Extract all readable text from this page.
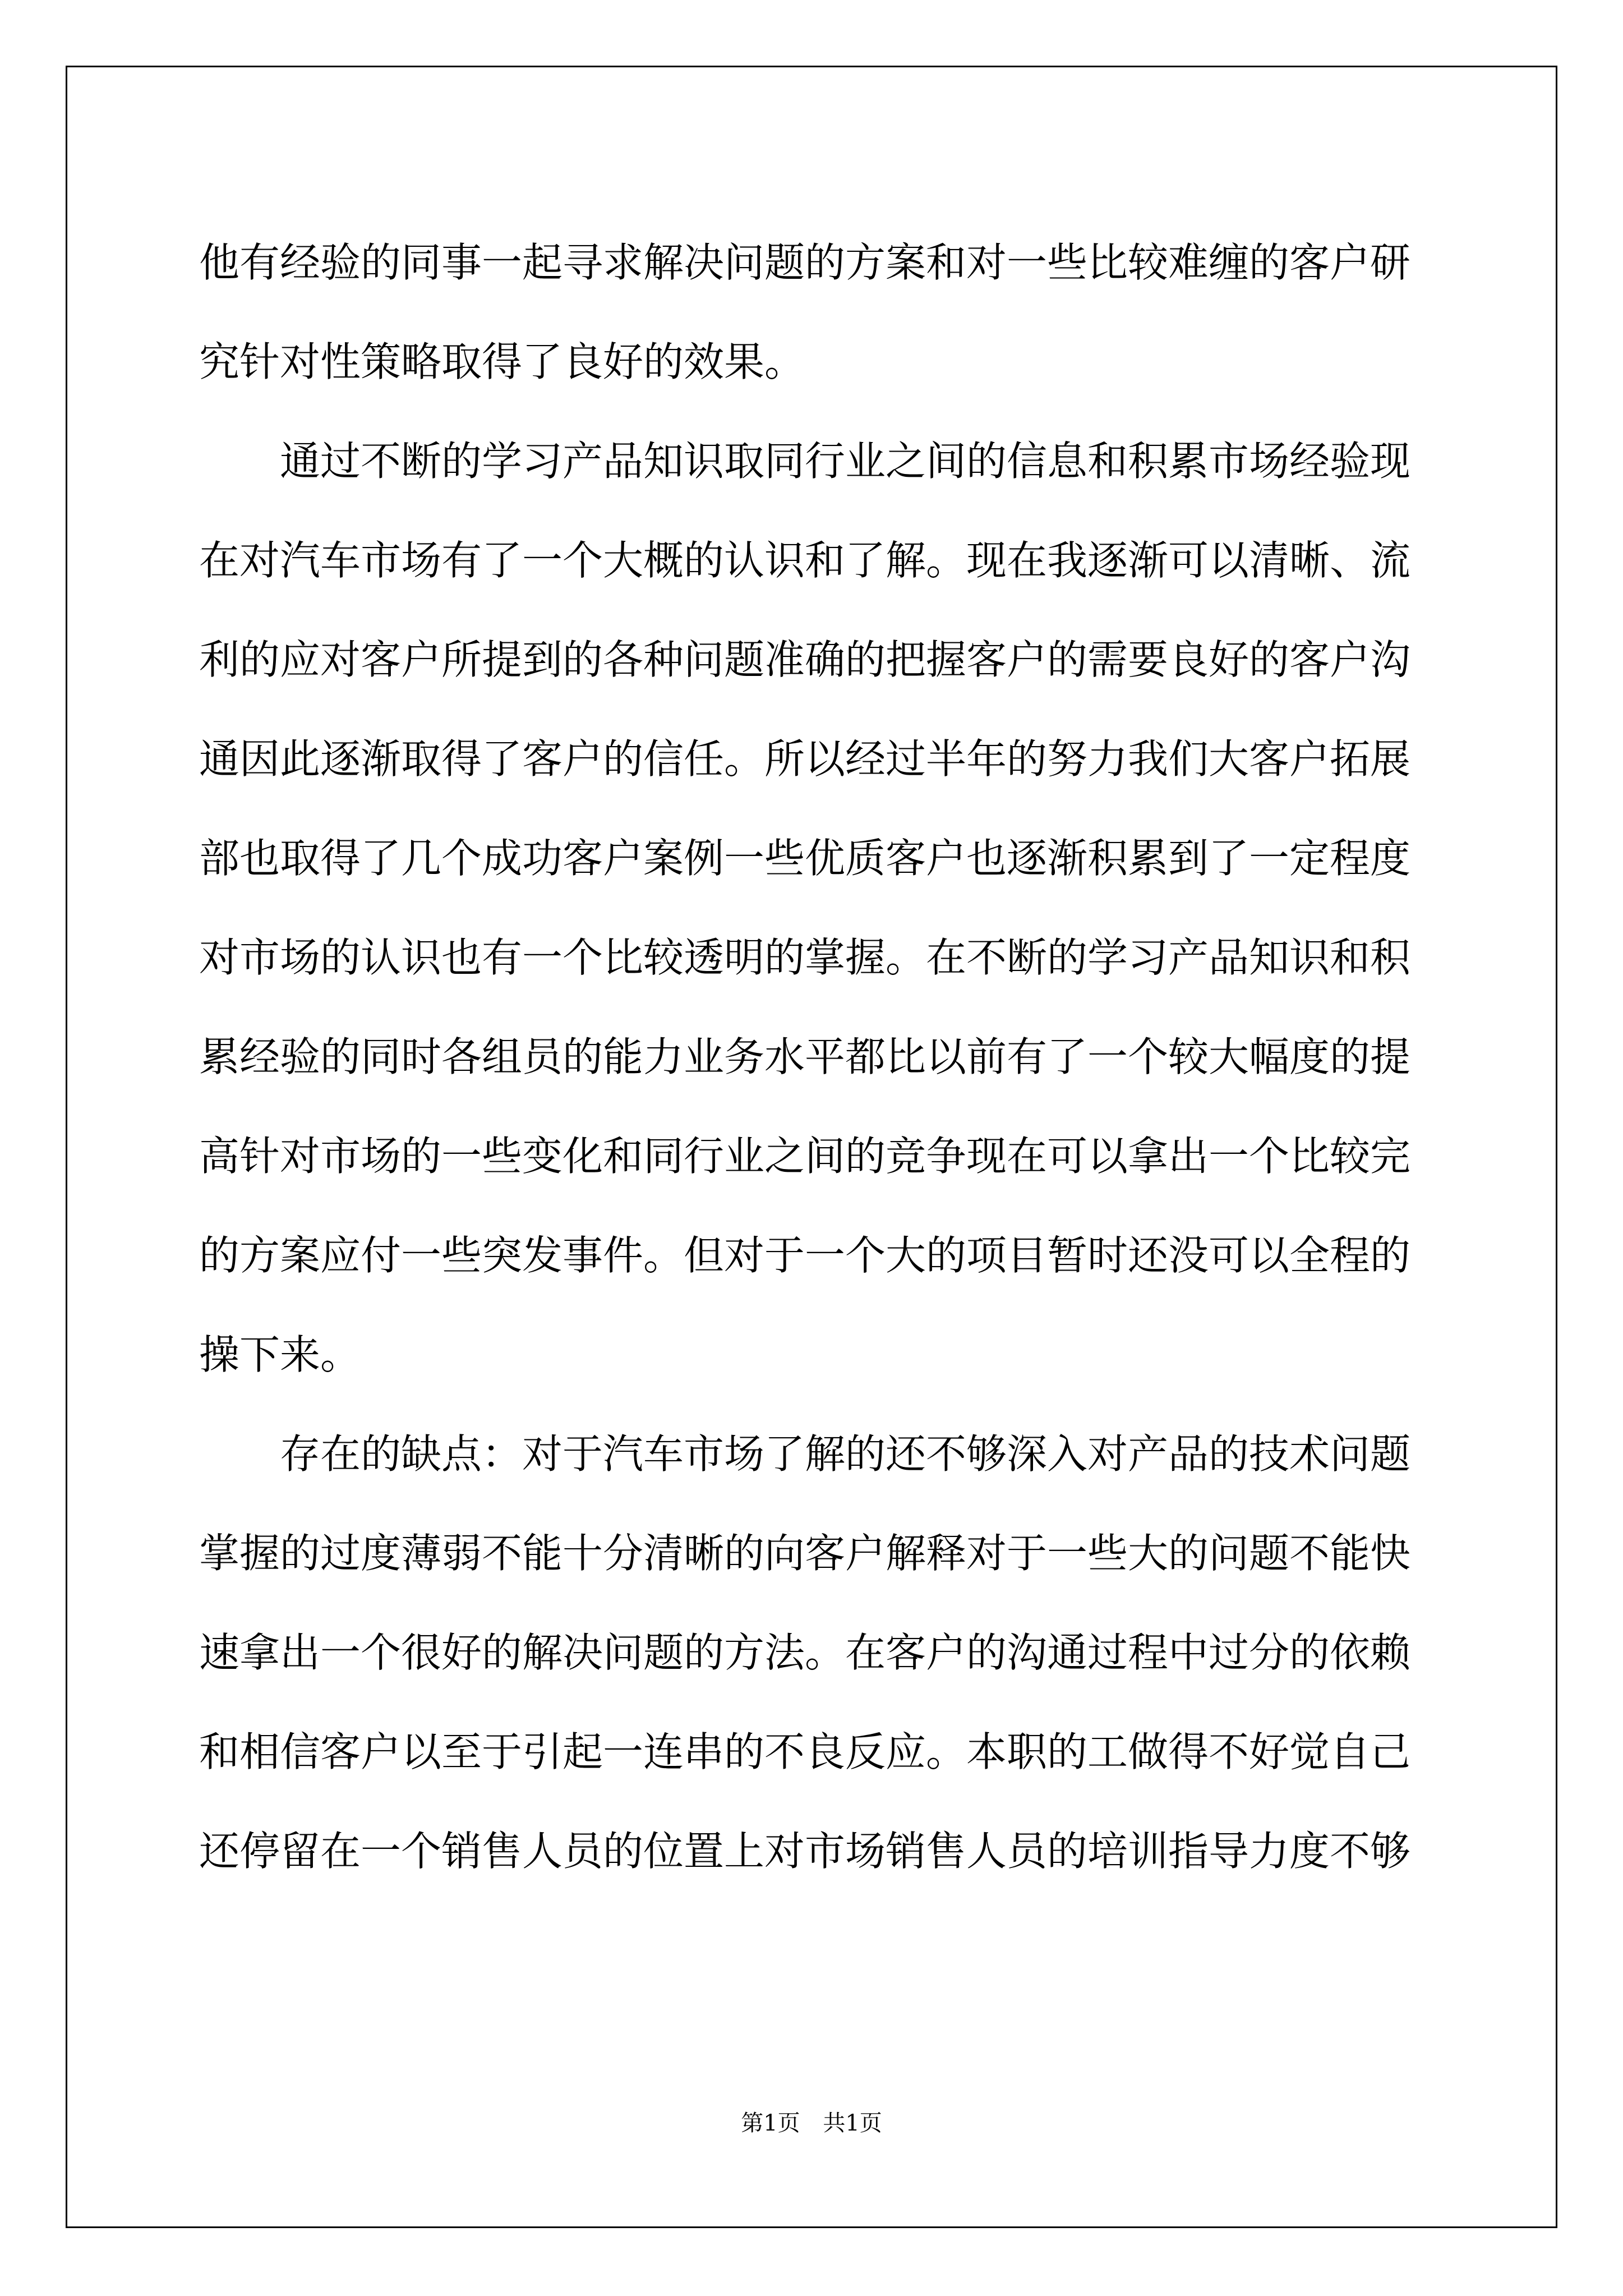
他有经验的同事一起寻求解决问题的方案和对一些比较难缠的客户研
究针对性策略取得了良好的效果。
　　通过不断的学习产品知识取同行业之间的信息和积累市场经验现
在对汽车市场有了一个大概的认识和了解。现在我逐渐可以清晰、流
利的应对客户所提到的各种问题准确的把握客户的需要良好的客户沟
通因此逐渐取得了客户的信任。所以经过半年的努力我们大客户拓展
部也取得了几个成功客户案例一些优质客户也逐渐积累到了一定程度
对市场的认识也有一个比较透明的掌握。在不断的学习产品知识和积
累经验的同时各组员的能力业务水平都比以前有了一个较大幅度的提
高针对市场的一些变化和同行业之间的竞争现在可以拿出一个比较完
的方案应付一些突发事件。但对于一个大的项目暂时还没可以全程的
操下来。
　　存在的缺点：对于汽车市场了解的还不够深入对产品的技术问题
掌握的过度薄弱不能十分清晰的向客户解释对于一些大的问题不能快
速拿出一个很好的解决问题的方法。在客户的沟通过程中过分的依赖
和相信客户以至于引起一连串的不良反应。本职的工做得不好觉自己
还停留在一个销售人员的位置上对市场销售人员的培训指导力度不够
第1页 共1页
